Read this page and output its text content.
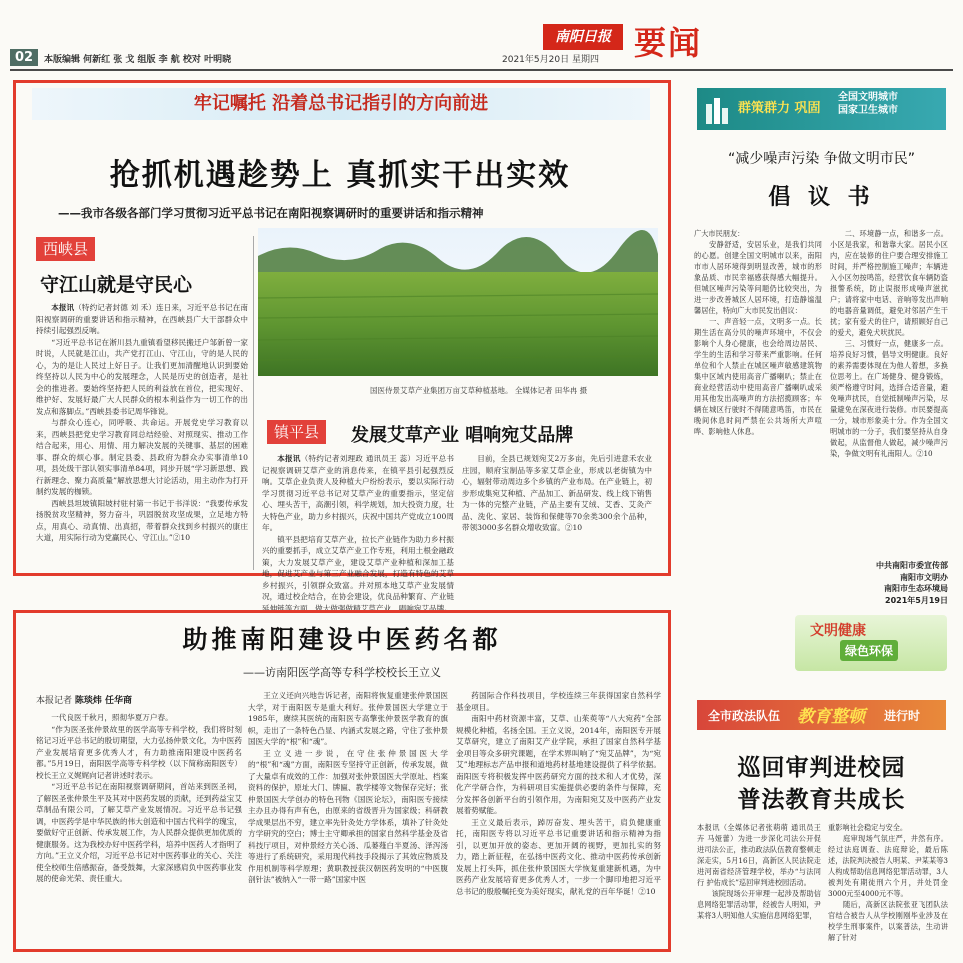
02	本版编辑 何新红 张 戈 组版 李 航 校对 叶明晓	2021年5月20日 星期四
南阳日报 要闻
牢记嘱托 沿着总书记指引的方向前进
抢抓机遇趁势上 真抓实干出实效
——我市各级各部门学习贯彻习近平总书记在南阳视察调研时的重要讲话和指示精神
西峡县
守江山就是守民心

本报讯（特约记者封德 刘 禾）连日来，习近平总书记在南阳视察调研的重要讲话和指示精神，在西峡县广大干部群众中持续引起强烈反响。

“习近平总书记在淅川县九重镇看望移民搬迁户邹新曾一家时说，人民就是江山，共产党打江山、守江山，守的是人民的心，为的是让人民过上好日子。让我们更加清醒地认识到要始终坚持以人民为中心的发展理念，人民是历史的创造者，是社会的推进者。要始终坚持把人民的利益放在首位，把实现好、维护好、发展好最广大人民群众的根本利益作为一切工作的出发点和落脚点。”西峡县委书记周华锋说。

与群众心连心，同呼吸、共命运。开展党史学习教育以来，西峡县把党史学习教育同总结经验、对照现实、推动工作结合起来，用心、用情、用力解决发展的关键事、基层的困难事、群众的烦心事。制定县委、县政府为群众办实事清单10项，县处级干部认领实事清单84项，同步开展“学习新思想、践行新理念、聚力高质量”解放思想大讨论活动，用主动作为打开制约发展的枷锁。

西峡县坦坡镇阳坡村驻村第一书记于书洋说：“我要传承发扬脱贫攻坚精神，努力奋斗，巩固脱贫攻坚成果，立足地方特点，用真心、动真情、出真招，带着群众找到乡村振兴的康庄大道，用实际行动为党赢民心、守江山。”②10

国医侍景艾草产业集团万亩艾草种植基地。 全媒体记者 田华冉 摄
镇平县	发展艾草产业 唱响宛艾品牌

本报讯（特约记者刘理政 通讯员王 蕊）习近平总书记视察调研艾草产业的消息传来，在镇平县引起强烈反响。艾草企业负责人及种植大户纷纷表示，要以实际行动学习贯彻习近平总书记对艾草产业的重要指示，坚定信心、埋头苦干，高潮引领，科学规划，加大投资力度，壮大特色产业，助力乡村振兴，庆祝中国共产党成立100周年。

镇平县把培育艾草产业，拉长产业链作为助力乡村振兴的重要抓手，成立艾草产业工作专班，利用土根金融政策，大力发展艾草产业，建设艾草产业种植和深加工基地，促进艾产业与第三产业融合发展，打造有特色的艾草乡村振兴，引领群众致富。并对照本地艾草产业发展情况，通过校企结合，在协会建设，优良品种繁育、产业链延伸链等方面，做大做强做精艾草产业，唱响宛艾品牌。

目前，全县已规划宛艾2万多亩，先后引进意禾农业庄园，顺府宝制品等多家艾草企业，形成以老街镇为中心，辐射带动周边多个乡镇的产业布局。在产业链上，初步形成集宛艾种植、产品加工、新品研发、线上线下销售为一体的完整产业链，产品主要有艾绒、艾香、艾灸产品、洗化、家居、装饰和保健等70余类300余个品种，带领3000多名群众增收致富。②10

助推南阳建设中医药名都
——访南阳医学高等专科学校校长王立义
本报记者 陈琰炜 任华商

一代良医千秋月，照彻华夏万户春。

“作为医圣张仲景故里的医学高等专科学校，我们将时刻铭记习近平总书记的殷切期望，大力弘扬仲景文化，为中医药产业发展培育更多优秀人才，有力助推南阳建设中医药名都。”5月19日，南阳医学高等专科学校（以下简称南阳医专）校长王立义娓娓向记者讲述时表示。

“习近平总书记在南阳视察调研期间，首站来到医圣祠，了解医圣张仲景生平及其对中医药发展的贡献，还到药益宝艾草制品有限公司，了解艾草产业发展情况。习近平总书记强调，中医药学是中华民族的伟大创造和中国古代科学的瑰宝，要做好守正创新、传承发展工作，为人民群众提供更加优质的健康服务。这为我校办好中医药学科，培养中医药人才指明了方向。”王立义介绍，习近平总书记对中医药事业的关心、关注使全校师生倍感振奋，备受鼓舞，大家深感肩负中医药事业发展的使命光荣、责任重大。

王立义还向兴地告诉记者，南阳将恢复重建张仲景国医大学，对于南阳医专是重大利好。张仲景国医大学建立于1985年，赓续其医统的南阳医专高擎张仲景医学教育的旗帜，走出了一条特色凸显、内涵式发展之路，守住了张仲景国医大学的“根”和“魂”。

王立义进一步说，在守住张仲景国医大学的“根”和“魂”方面，南阳医专坚持守正创新，传承发展，做了大量卓有成效的工作：加强对张仲景国医大学原址、档案资料的保护，原址大门、牌匾、教学楼等文物保存完好；张仲景国医大学创办的特色刊物《国医论坛》，南阳医专接续主办且办得有声有色，由原来的省级晋升为国家级；科研教学成果层出不穷，建立率先针灸处方学体系，填补了针灸处方学研究的空白；博士主守卿承担的国家自然科学基金及省科技厅项目，对仲景经方关心汤、瓜蒌薤白半夏汤、泽泻汤等进行了系统研究，采用现代科技手段揭示了其效应物质及作用机制等科学原理；黄职教授获汉朝医药发明的“中医腹剖针法”被纳入“一带一路”国家中医

药国际合作科技项目，学校连续三年获得国家自然科学基金项目。

南阳中药材资源丰富，艾草、山茱萸等“八大宛药”全部规模化种植，名扬全国。王立义说，2014年，南阳医专开展艾草研究，建立了南阳艾产业学院，承担了国家自然科学基金项目等众多研究课题，在学术界叫响了“宛艾品牌”，为“宛艾”地理标志产品申报和道地药材基地建设提供了科学依据。南阳医专将积极发挥中医药研究方面的技术和人才优势，深化产学研合作，为科研项目实施提供必要的条件与保障，充分发挥各创新平台的引领作用，为南阳宛艾及中医药产业发展着势赋能。

王立义最后表示，踔厉奋发、埋头苦干，肩负健康重托，南阳医专将以习近平总书记重要讲话和指示精神为指引，以更加开放的姿态、更加开阔的视野，更加扎实的努力，踏上新征程，在弘扬中医药文化、推动中医药传承创新发展上打头阵，抓住张仲景国医大学恢复重建新机遇，为中医药产业发展培育更多优秀人才，一步一个脚印地把习近平总书记的殷殷嘱托变为美好现实，献礼党的百年华诞！②10

群策群力 巩固
全国文明城市
国家卫生城市
“减少噪声污染 争做文明市民”
倡 议 书
广大市民朋友：
　　安静舒适，安居乐业，是我们共同的心愿。创建全国文明城市以来，南阳市市人居环境得到明显改善，城市的形象品质、市民幸福感获得感大幅提升。但城区噪声污染等问题仍比较突出，为进一步改善城区人居环境，打造静谧温馨居住，特向广大市民发出倡议：
　　一、声音轻一点，文明多一点。长期生活在高分贝的噪声环境中，不仅会影响个人身心健康，也会给周边居民、学生的生活和学习带来严重影响。任何单位和个人禁止在城区噪声敏感建筑物集中区域内使用高音广播喇叭；禁止在商业经营活动中使用高音广播喇叭或采用其他发出高噪声的方法招揽顾客；车辆在城区行驶时不得随意鸣笛，市民在晚间休息时间严禁在公共场所大声喧哗、影响他人休息。
　　二、环境静一点，和谐多一点。小区是我家，和谐靠大家。居民小区内，应在装修的住户要合理安排施工时间，并严格控制施工噪声；车辆进入小区勿按鸣笛，经营饮食车辆防盗报警系统，防止误报形成噪声滋扰户；请将家中电话、音响等发出声响的电器音量调低，避免对邻居产生干扰；家有爱犬的住户，请照顾好自己的爱犬，避免犬吠扰民。
　　三、习惯好一点，健康多一点。培养良好习惯，倡导文明健康。良好的素养需要体现在为他人着想，多换位思考上。在广场健身、健身锻炼，须严格遵守时间，选择合适音量，避免噪声扰民，自觉抵制噪声污染，尽量避免在深夜进行装修。市民要提高一分，城市形象美十分。作为全国文明城市的一分子，我们要坚持从自身做起，从监督他人做起，减少噪声污染，争做文明有礼南阳人。②10
中共南阳市委宣传部
南阳市文明办
南阳市生态环境局
2021年5月19日
文明健康
绿色环保
全市政法队伍 教育整顿 进行时
巡回审判进校园
普法教育共成长
本报讯（全媒体记者张萌萌 通讯员王 卉 马娅蕾）为进一步深化司法公开促进司法公正，推动政法队伍教育整顿走深走实，5月16日，高新区人民法院走进河南省经济管理学校，举办“与法同行 护佑成长”巡回审判进校园活动。
　　该院现场公开审理一起涉及帮助信息网络犯罪活动罪，经被告人明知，尹某将3人明知他人实施信息网络犯罪，
重影响社会稳定与安全。
　　庭审现场气氛庄严，井然有序。经过法庭调查、法庭辩论，最后陈述，法院判决被告人明某、尹某某等3人构成帮助信息网络犯罪活动罪，3人被判处有期徒刑六个月，并处罚金3000元至4000元不等。
　　随后，高新区法院张亚飞团队法官结合被告人从学校刚刚毕业涉及在校学生刑事案件，以案普法，生动讲解了针对
